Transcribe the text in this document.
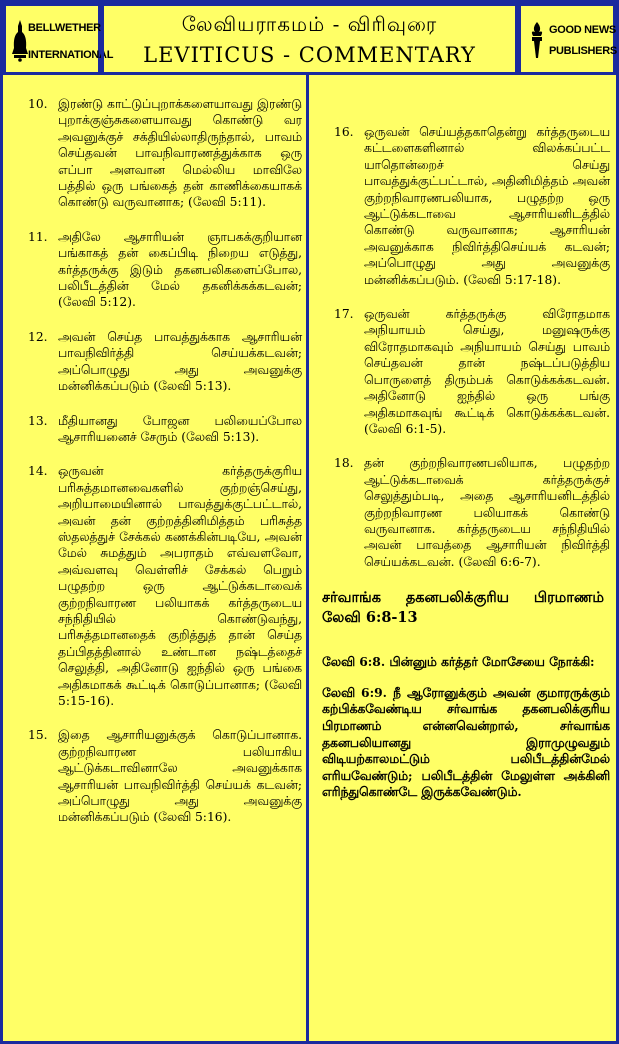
BELLWETHER
INTERNATIONAL
லேவியராகமம் - விரிவுரை
LEVITICUS - COMMENTARY
GOOD NEWS
PUBLISHERS
10. இரண்டு காட்டுப்புறாக்களையாவது இரண்டு புறாக்குஞ்சுகளையாவது கொண்டு வர அவனுக்குச் சக்தியில்லாதிருந்தால், பாவம் செய்தவன் பாவநிவாரணத்துக்காக ஒரு எப்பா அளவான மெல்லிய மாவிலே பத்தில் ஒரு பங்கைத் தன் காணிக்கையாகக் கொண்டு வருவானாக; (லேவி 5:11).
11. அதிலே ஆசாரியன் ஞாபகக்குறியான பங்காகத் தன் கைப்பிடி நிறைய எடுத்து, கர்த்தருக்கு இடும் தகனபலிகளைப்போல, பலிபீடத்தின் மேல் தகனிக்கக்கடவன்; (லேவி 5:12).
12. அவன் செய்த பாவத்துக்காக ஆசாரியன் பாவநிவிர்த்தி செய்யக்கடவன்; அப்பொழுது அது அவனுக்கு மன்னிக்கப்படும் (லேவி 5:13).
13. மீதியானது போஜன பலியைப்போல ஆசாரியனைச் சேரும் (லேவி 5:13).
14. ஒருவன் கர்த்தருக்குரிய பரிசுத்தமானவைகளில் குற்றஞ்செய்து, அறியாமையினால் பாவத்துக்குட்பட்டால், அவன் தன் குற்றத்தினிமித்தம் பரிசுத்த ஸ்தலத்துச் சேக்கல் கணக்கின்படியே, அவன் மேல் சுமத்தும் அபராதம் எவ்வளவோ, அவ்வளவு வெள்ளிச் சேக்கல் பெறும் பழுதற்ற ஒரு ஆட்டுக்கடாவைக் குற்றநிவாரண பலியாகக் கர்த்தருடைய சந்நிதியில் கொண்டுவந்து, பரிசுத்தமானதைக் குறித்துத் தான் செய்த தப்பிதத்தினால் உண்டான நஷ்டத்தைச் செலுத்தி, அதினோடு ஐந்தில் ஒரு பங்கை அதிகமாகக் கூட்டிக் கொடுப்பானாக; (லேவி 5:15-16).
15. இதை ஆசாரியனுக்குக் கொடுப்பானாக. குற்றநிவாரண பலியாகிய ஆட்டுக்கடாவினாலே அவனுக்காக ஆசாரியன் பாவநிவிர்த்தி செய்யக் கடவன்; அப்பொழுது அது அவனுக்கு மன்னிக்கப்படும் (லேவி 5:16).
16. ஒருவன் செய்யத்தகாதென்று கர்த்தருடைய கட்டளைகளினால் விலக்கப்பட்ட யாதொன்றைச் செய்து பாவத்துக்குட்பட்டால், அதினிமித்தம் அவன் குற்றநிவாரணபலியாக, பழுதற்ற ஒரு ஆட்டுக்கடாவை ஆசாரியனிடத்தில் கொண்டு வருவானாக; ஆசாரியன் அவனுக்காக நிவிர்த்திசெய்யக் கடவன்; அப்பொழுது அது அவனுக்கு மன்னிக்கப்படும். (லேவி 5:17-18).
17. ஒருவன் கர்த்தருக்கு விரோதமாக அநியாயம் செய்து, மனுஷருக்கு விரோதமாகவும் அநியாயம் செய்து பாவம் செய்தவன் தான் நஷ்டப்படுத்திய பொருளைத் திரும்பக் கொடுக்கக்கடவன். அதினோடு ஐந்தில் ஒரு பங்கு அதிகமாகவுங் கூட்டிக் கொடுக்கக்கடவன். (லேவி 6:1-5).
18. தன் குற்றநிவாரணபலியாக, பழுதற்ற ஆட்டுக்கடாவைக் கர்த்தருக்குச் செலுத்தும்படி, அதை ஆசாரியனிடத்தில் குற்றநிவாரண பலியாகக் கொண்டு வருவானாக. கர்த்தருடைய சந்நிதியில் அவன் பாவத்தை ஆசாரியன் நிவிர்த்தி செய்யக்கடவன். (லேவி 6:6-7).
சர்வாங்க தகனபலிக்குரிய பிரமாணம்
லேவி 6:8-13
லேவி 6:8. பின்னும் கர்த்தர் மோசேயை நோக்கி:
லேவி 6:9. நீ ஆரோனுக்கும் அவன் குமாரருக்கும் கற்பிக்கவேண்டிய சர்வாங்க தகனபலிக்குரிய பிரமாணம் என்னவென்றால், சர்வாங்க தகனபலியானது இராமுழுவதும் விடியற்காலமட்டும் பலிபீடத்தின்மேல் எரியவேண்டும்; பலிபீடத்தின் மேலுள்ள அக்கினி எரிந்துகொண்டே இருக்கவேண்டும்.
